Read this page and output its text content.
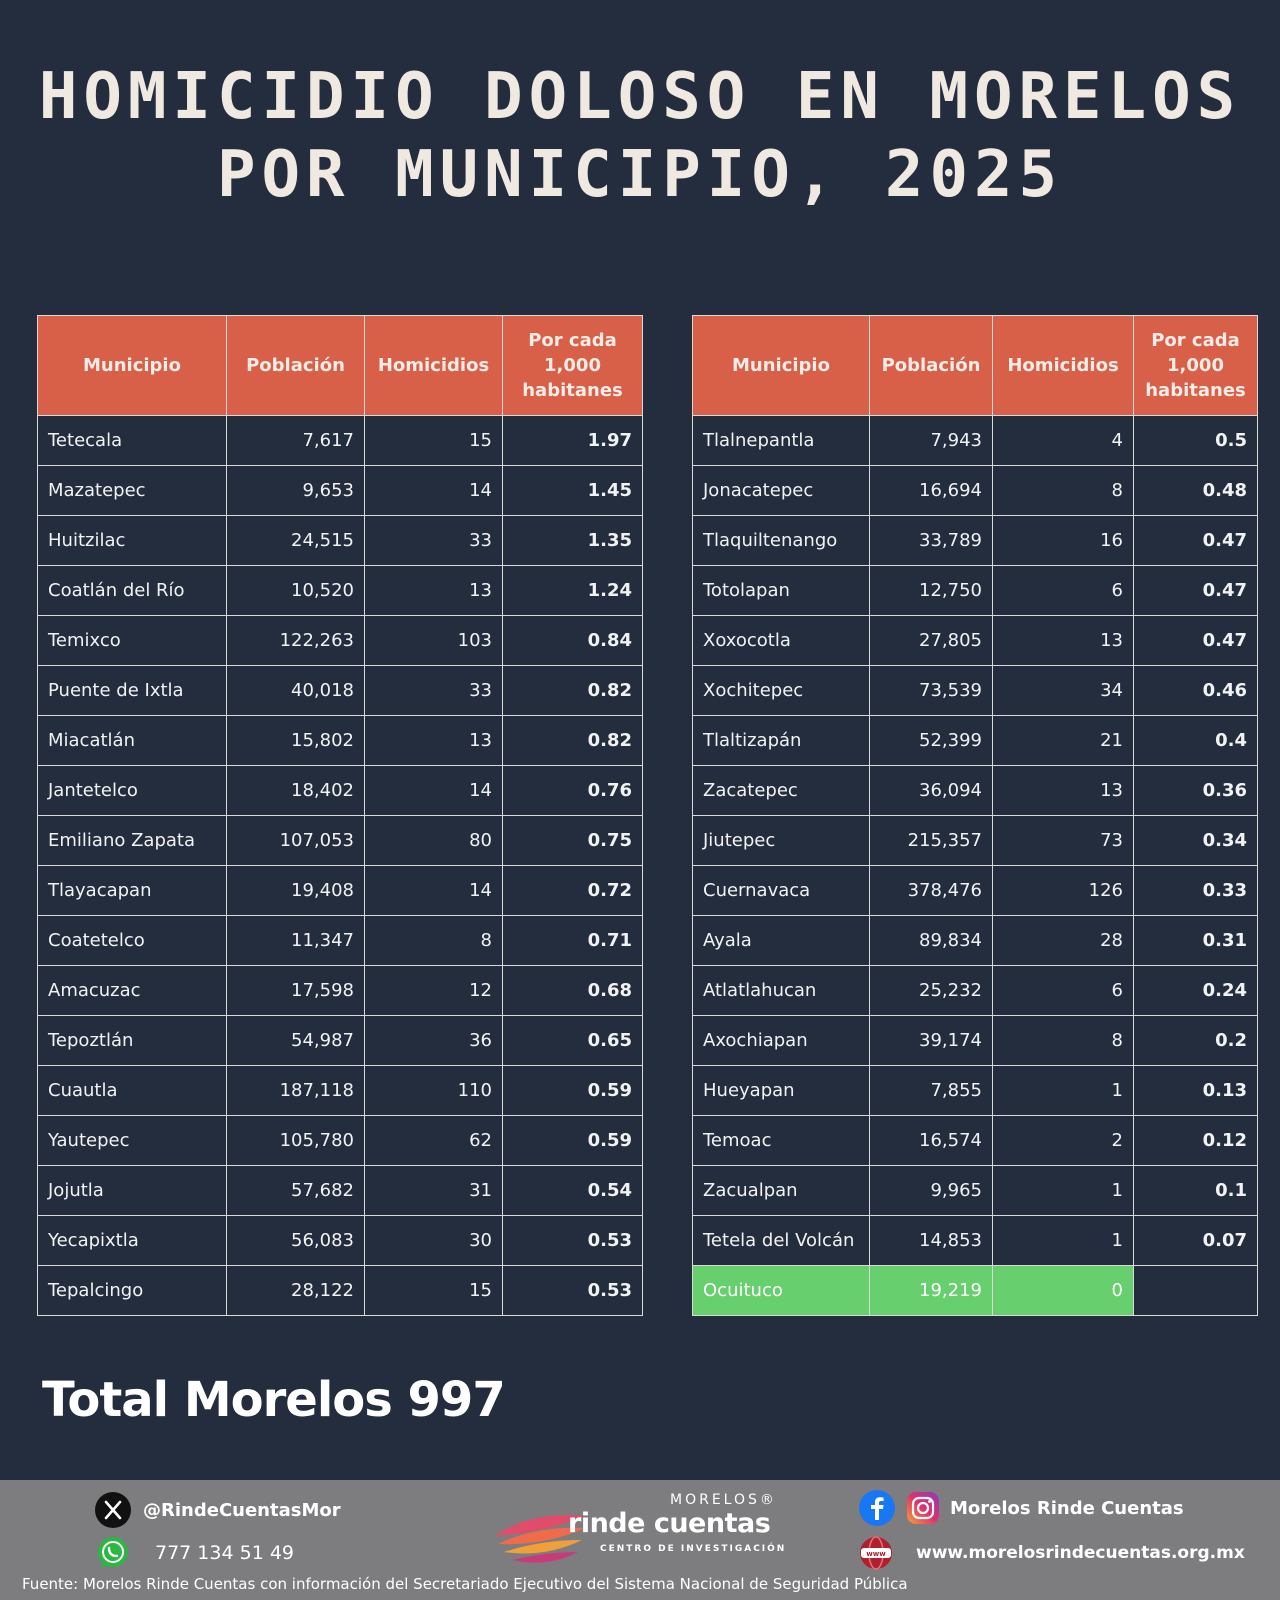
HOMICIDIO DOLOSO EN MORELOS
POR MUNICIPIO, 2025
Municipio	Población	Homicidios	Por cada
1,000
habitanes

Tetecala	7,617	15	1.97
Mazatepec	9,653	14	1.45
Huitzilac	24,515	33	1.35
Coatlán del Río	10,520	13	1.24
Temixco	122,263	103	0.84
Puente de Ixtla	40,018	33	0.82
Miacatlán	15,802	13	0.82
Jantetelco	18,402	14	0.76
Emiliano Zapata	107,053	80	0.75
Tlayacapan	19,408	14	0.72
Coatetelco	11,347	8	0.71
Amacuzac	17,598	12	0.68
Tepoztlán	54,987	36	0.65
Cuautla	187,118	110	0.59
Yautepec	105,780	62	0.59
Jojutla	57,682	31	0.54
Yecapixtla	56,083	30	0.53
Tepalcingo	28,122	15	0.53
Municipio	Población	Homicidios	Por cada
1,000
habitanes

Tlalnepantla	7,943	4	0.5
Jonacatepec	16,694	8	0.48
Tlaquiltenango	33,789	16	0.47
Totolapan	12,750	6	0.47
Xoxocotla	27,805	13	0.47
Xochitepec	73,539	34	0.46
Tlaltizapán	52,399	21	0.4
Zacatepec	36,094	13	0.36
Jiutepec	215,357	73	0.34
Cuernavaca	378,476	126	0.33
Ayala	89,834	28	0.31
Atlatlahucan	25,232	6	0.24
Axochiapan	39,174	8	0.2
Hueyapan	7,855	1	0.13
Temoac	16,574	2	0.12
Zacualpan	9,965	1	0.1
Tetela del Volcán	14,853	1	0.07
Ocuituco	19,219	0	
Total Morelos 997
@RindeCuentasMor
777 134 51 49
MORELOS®
rinde cuentas
CENTRO DE INVESTIGACIÓN
Morelos Rinde Cuentas
www www.morelosrindecuentas.org.mx
Fuente: Morelos Rinde Cuentas con información del Secretariado Ejecutivo del Sistema Nacional de Seguridad Pública
